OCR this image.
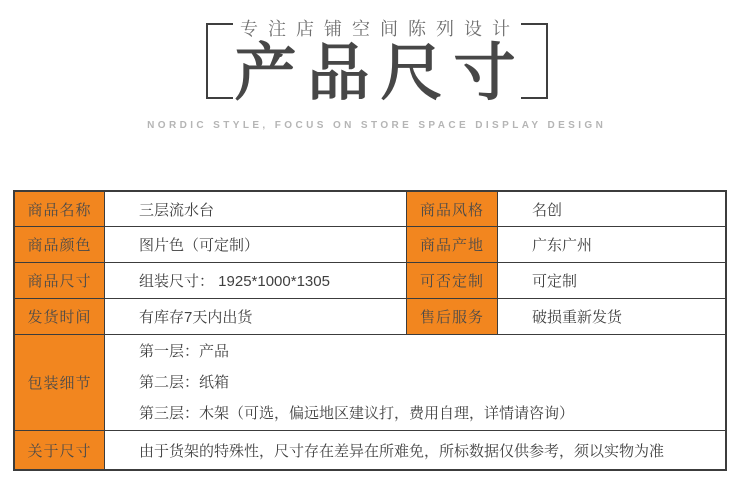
专注店铺空间陈列设计
产品尺寸
NORDIC STYLE, FOCUS ON STORE SPACE DISPLAY DESIGN
商品名称	三层流水台	商品风格	名创
商品颜色	图片色（可定制）	商品产地	广东广州
商品尺寸	组装尺寸： 1925*1000*1305	可否定制	可定制
发货时间	有库存7天内出货	售后服务	破损重新发货
包装细节
第一层：产品
第二层：纸箱
第三层：木架（可选，偏远地区建议打，费用自理，详情请咨询）
关于尺寸	由于货架的特殊性，尺寸存在差异在所难免，所标数据仅供参考，须以实物为准
